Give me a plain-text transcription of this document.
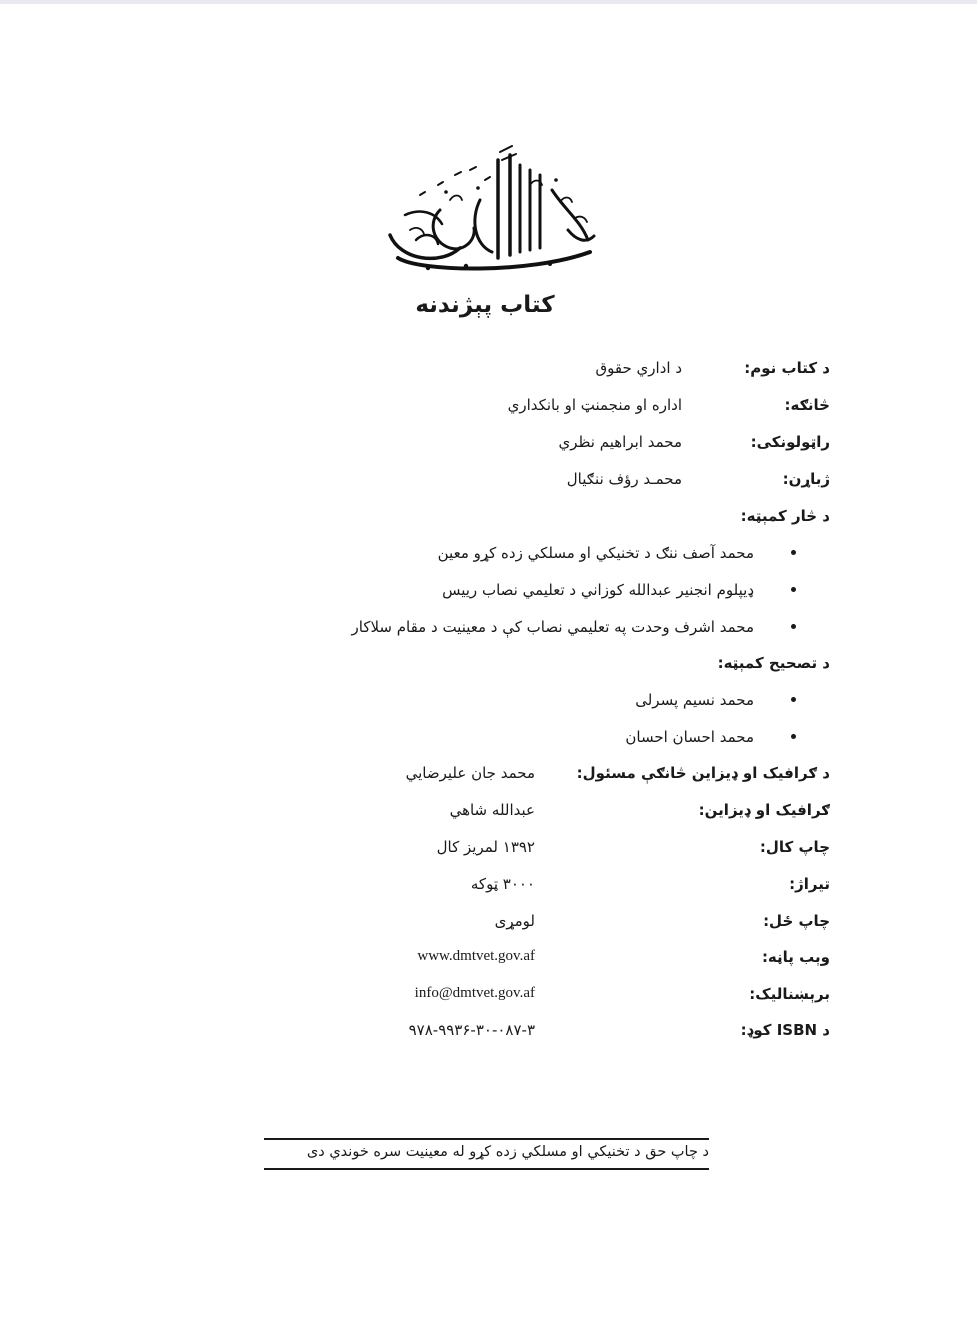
کتاب پېژندنه
د کتاب نوم:
د اداري حقوق
څانګه:
اداره او منجمنټ او بانکداري
راټولونکی:
محمد ابراهیم نظري
ژباړن:
محمـد رؤف ننګیال
د څار کمېټه:
محمد آصف ننګ د تخنیکي او مسلکي زده کړو معین
ډیپلوم انجنیر عبدالله کوزاني د تعلیمي نصاب رییس
محمد اشرف وحدت په تعلیمي نصاب کې د معینیت د مقام سلاکار
د تصحیح کمېټه:
محمد نسیم پسرلی
محمد احسان احسان
د ګرافیک او ډیزاین څانګې مسئول:
محمد جان علیرضایي
ګرافیک او ډیزاین:
عبدالله شاهي
چاپ کال:
۱۳۹۲ لمریز کال
تیراژ:
۳۰۰۰ ټوکه
چاپ ځل:
لومړی
وېب پاڼه:
www.dmtvet.gov.af
برېښنالیک:
info@dmtvet.gov.af
د ISBN کوډ:
۹۷۸-۹۹۳۶-۳۰-۰۸۷-۳
د چاپ حق د تخنیکي او مسلکي زده کړو له معینیت سره خوندي دی
